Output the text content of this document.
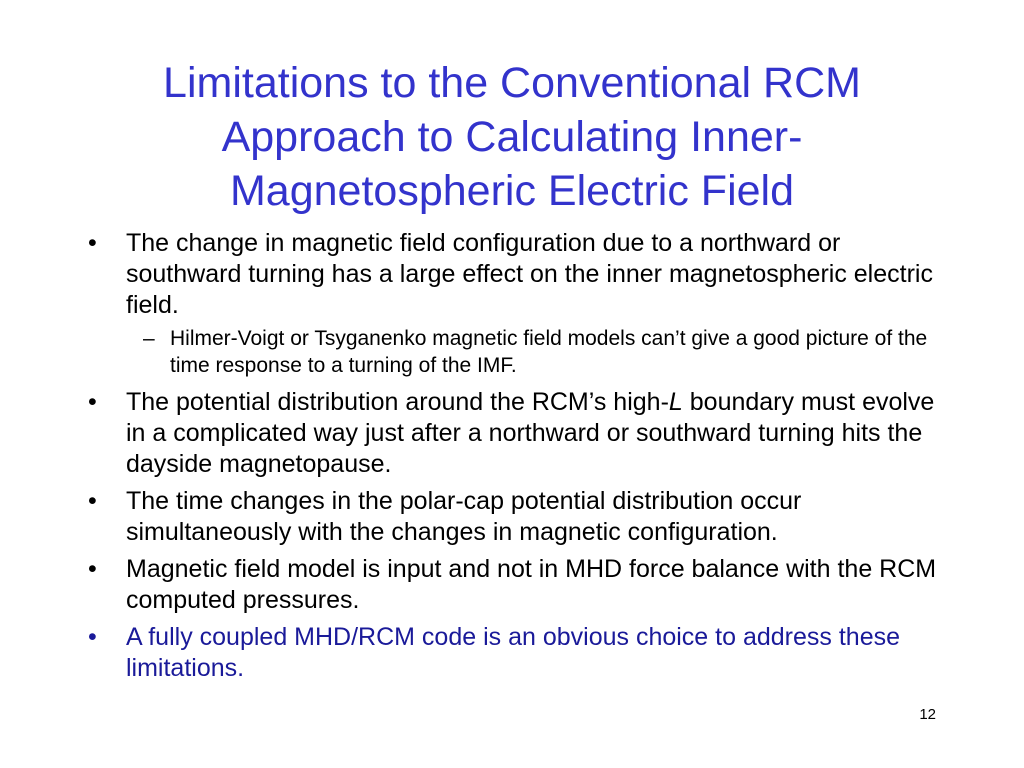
Limitations to the Conventional RCM
Approach to Calculating Inner-
Magnetospheric Electric Field
• The change in magnetic field configuration due to a northward or southward turning has a large effect on the inner magnetospheric electric field.
– Hilmer-Voigt or Tsyganenko magnetic field models can’t give a good picture of the time response to a turning of the IMF.
• The potential distribution around the RCM’s high-L boundary must evolve in a complicated way just after a northward or southward turning hits the dayside magnetopause.
• The time changes in the polar-cap potential distribution occur simultaneously with the changes in magnetic configuration.
• Magnetic field model is input and not in MHD force balance with the RCM computed pressures.
• A fully coupled MHD/RCM code is an obvious choice to address these limitations.
12
